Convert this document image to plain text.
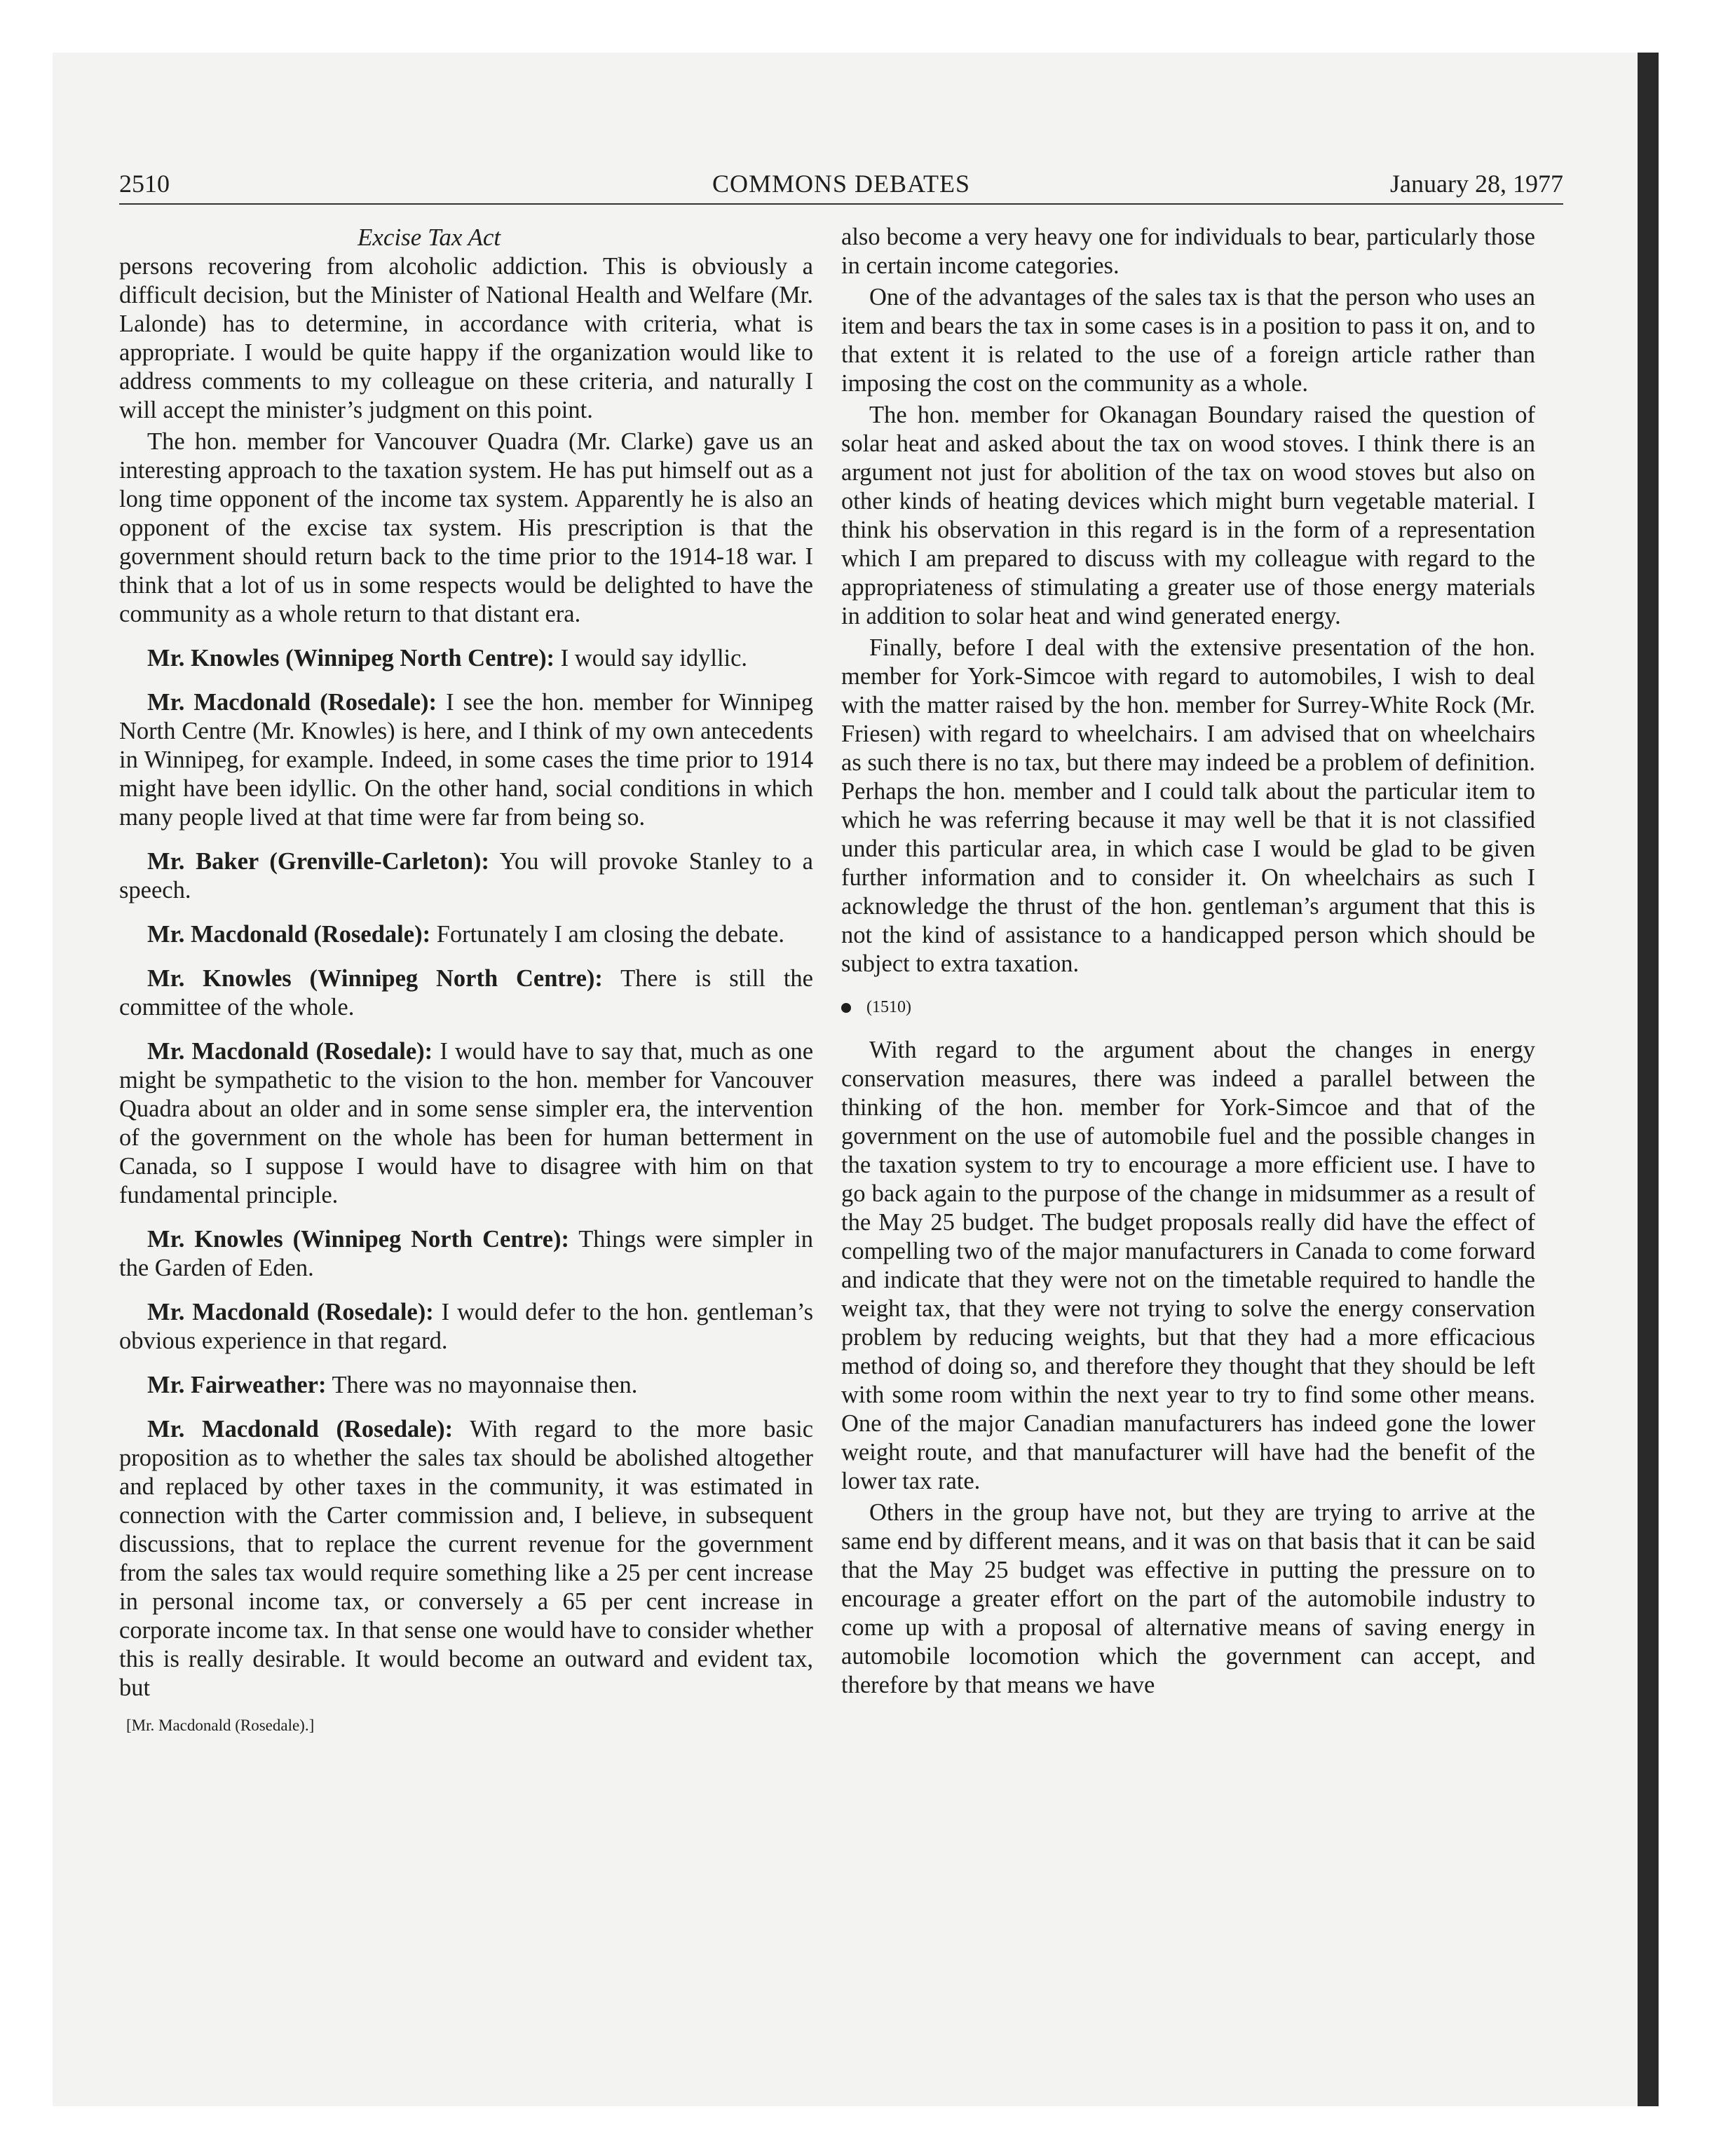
2510	COMMONS DEBATES	January 28, 1977
Excise Tax Act

persons recovering from alcoholic addiction. This is obviously a difficult decision, but the Minister of National Health and Welfare (Mr. Lalonde) has to determine, in accordance with criteria, what is appropriate. I would be quite happy if the organization would like to address comments to my colleague on these criteria, and naturally I will accept the minister’s judgment on this point.

The hon. member for Vancouver Quadra (Mr. Clarke) gave us an interesting approach to the taxation system. He has put himself out as a long time opponent of the income tax system. Apparently he is also an opponent of the excise tax system. His prescription is that the government should return back to the time prior to the 1914-18 war. I think that a lot of us in some respects would be delighted to have the community as a whole return to that distant era.

Mr. Knowles (Winnipeg North Centre): I would say idyllic.

Mr. Macdonald (Rosedale): I see the hon. member for Winnipeg North Centre (Mr. Knowles) is here, and I think of my own antecedents in Winnipeg, for example. Indeed, in some cases the time prior to 1914 might have been idyllic. On the other hand, social conditions in which many people lived at that time were far from being so.

Mr. Baker (Grenville-Carleton): You will provoke Stanley to a speech.

Mr. Macdonald (Rosedale): Fortunately I am closing the debate.

Mr. Knowles (Winnipeg North Centre): There is still the committee of the whole.

Mr. Macdonald (Rosedale): I would have to say that, much as one might be sympathetic to the vision to the hon. member for Vancouver Quadra about an older and in some sense simpler era, the intervention of the government on the whole has been for human betterment in Canada, so I suppose I would have to disagree with him on that fundamental principle.

Mr. Knowles (Winnipeg North Centre): Things were simpler in the Garden of Eden.

Mr. Macdonald (Rosedale): I would defer to the hon. gentleman’s obvious experience in that regard.

Mr. Fairweather: There was no mayonnaise then.

Mr. Macdonald (Rosedale): With regard to the more basic proposition as to whether the sales tax should be abolished altogether and replaced by other taxes in the community, it was estimated in connection with the Carter commission and, I believe, in subsequent discussions, that to replace the current revenue for the government from the sales tax would require something like a 25 per cent increase in personal income tax, or conversely a 65 per cent increase in corporate income tax. In that sense one would have to consider whether this is really desirable. It would become an outward and evident tax, but

[Mr. Macdonald (Rosedale).]

also become a very heavy one for individuals to bear, particularly those in certain income categories.

One of the advantages of the sales tax is that the person who uses an item and bears the tax in some cases is in a position to pass it on, and to that extent it is related to the use of a foreign article rather than imposing the cost on the community as a whole.

The hon. member for Okanagan Boundary raised the question of solar heat and asked about the tax on wood stoves. I think there is an argument not just for abolition of the tax on wood stoves but also on other kinds of heating devices which might burn vegetable material. I think his observation in this regard is in the form of a representation which I am prepared to discuss with my colleague with regard to the appropriateness of stimulating a greater use of those energy materials in addition to solar heat and wind generated energy.

Finally, before I deal with the extensive presentation of the hon. member for York-Simcoe with regard to automobiles, I wish to deal with the matter raised by the hon. member for Surrey-White Rock (Mr. Friesen) with regard to wheelchairs. I am advised that on wheelchairs as such there is no tax, but there may indeed be a problem of definition. Perhaps the hon. member and I could talk about the particular item to which he was referring because it may well be that it is not classified under this particular area, in which case I would be glad to be given further information and to consider it. On wheelchairs as such I acknowledge the thrust of the hon. gentleman’s argument that this is not the kind of assistance to a handicapped person which should be subject to extra taxation.

(1510)

With regard to the argument about the changes in energy conservation measures, there was indeed a parallel between the thinking of the hon. member for York-Simcoe and that of the government on the use of automobile fuel and the possible changes in the taxation system to try to encourage a more efficient use. I have to go back again to the purpose of the change in midsummer as a result of the May 25 budget. The budget proposals really did have the effect of compelling two of the major manufacturers in Canada to come forward and indicate that they were not on the timetable required to handle the weight tax, that they were not trying to solve the energy conservation problem by reducing weights, but that they had a more efficacious method of doing so, and therefore they thought that they should be left with some room within the next year to try to find some other means. One of the major Canadian manufacturers has indeed gone the lower weight route, and that manufacturer will have had the benefit of the lower tax rate.

Others in the group have not, but they are trying to arrive at the same end by different means, and it was on that basis that it can be said that the May 25 budget was effective in putting the pressure on to encourage a greater effort on the part of the automobile industry to come up with a proposal of alternative means of saving energy in automobile locomotion which the government can accept, and therefore by that means we have
